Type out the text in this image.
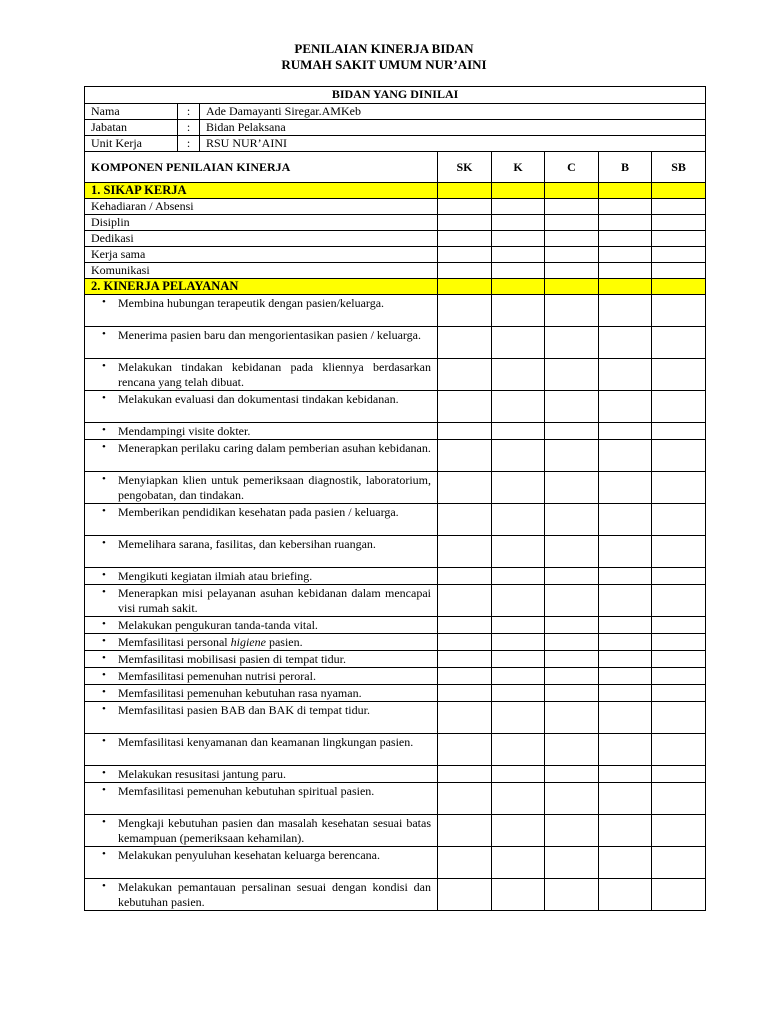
PENILAIAN KINERJA BIDAN
RUMAH SAKIT UMUM NUR’AINI
BIDAN YANG DINILAI							
Nama	:	Ade Damayanti Siregar.AMKeb					
Jabatan	:	Bidan Pelaksana					
Unit Kerja	:	RSU NUR’AINI					
KOMPONEN PENILAIAN KINERJA			SK	K	C	B	SB
1. SIKAP KERJA							
Kehadiaran / Absensi							
Disiplin							
Dedikasi							
Kerja sama							
Komunikasi							
2. KINERJA PELAYANAN							

• Membina hubungan terapeutik dengan pasien/keluarga.							

• Menerima pasien baru dan mengorientasikan pasien / keluarga.							

• Melakukan tindakan kebidanan pada kliennya berdasarkan rencana yang telah dibuat.							

• Melakukan evaluasi dan dokumentasi tindakan kebidanan.							

• Mendampingi visite dokter.							

• Menerapkan perilaku caring dalam pemberian asuhan kebidanan.							

• Menyiapkan klien untuk pemeriksaan diagnostik, laboratorium, pengobatan, dan tindakan.							

• Memberikan pendidikan kesehatan pada pasien / keluarga.							

• Memelihara sarana, fasilitas, dan kebersihan ruangan.							

• Mengikuti kegiatan ilmiah atau briefing.							

• Menerapkan misi pelayanan asuhan kebidanan dalam mencapai visi rumah sakit.							

• Melakukan pengukuran tanda-tanda vital.							

• Memfasilitasi personal higiene pasien.							

• Memfasilitasi mobilisasi pasien di tempat tidur.							

• Memfasilitasi pemenuhan nutrisi peroral.							

• Memfasilitasi pemenuhan kebutuhan rasa nyaman.							

• Memfasilitasi pasien BAB dan BAK di tempat tidur.							

• Memfasilitasi kenyamanan dan keamanan lingkungan pasien.							

• Melakukan resusitasi jantung paru.							

• Memfasilitasi pemenuhan kebutuhan spiritual pasien.							

• Mengkaji kebutuhan pasien dan masalah kesehatan sesuai batas kemampuan (pemeriksaan kehamilan).							

• Melakukan penyuluhan kesehatan keluarga berencana.							

• Melakukan pemantauan persalinan sesuai dengan kondisi dan kebutuhan pasien.							
